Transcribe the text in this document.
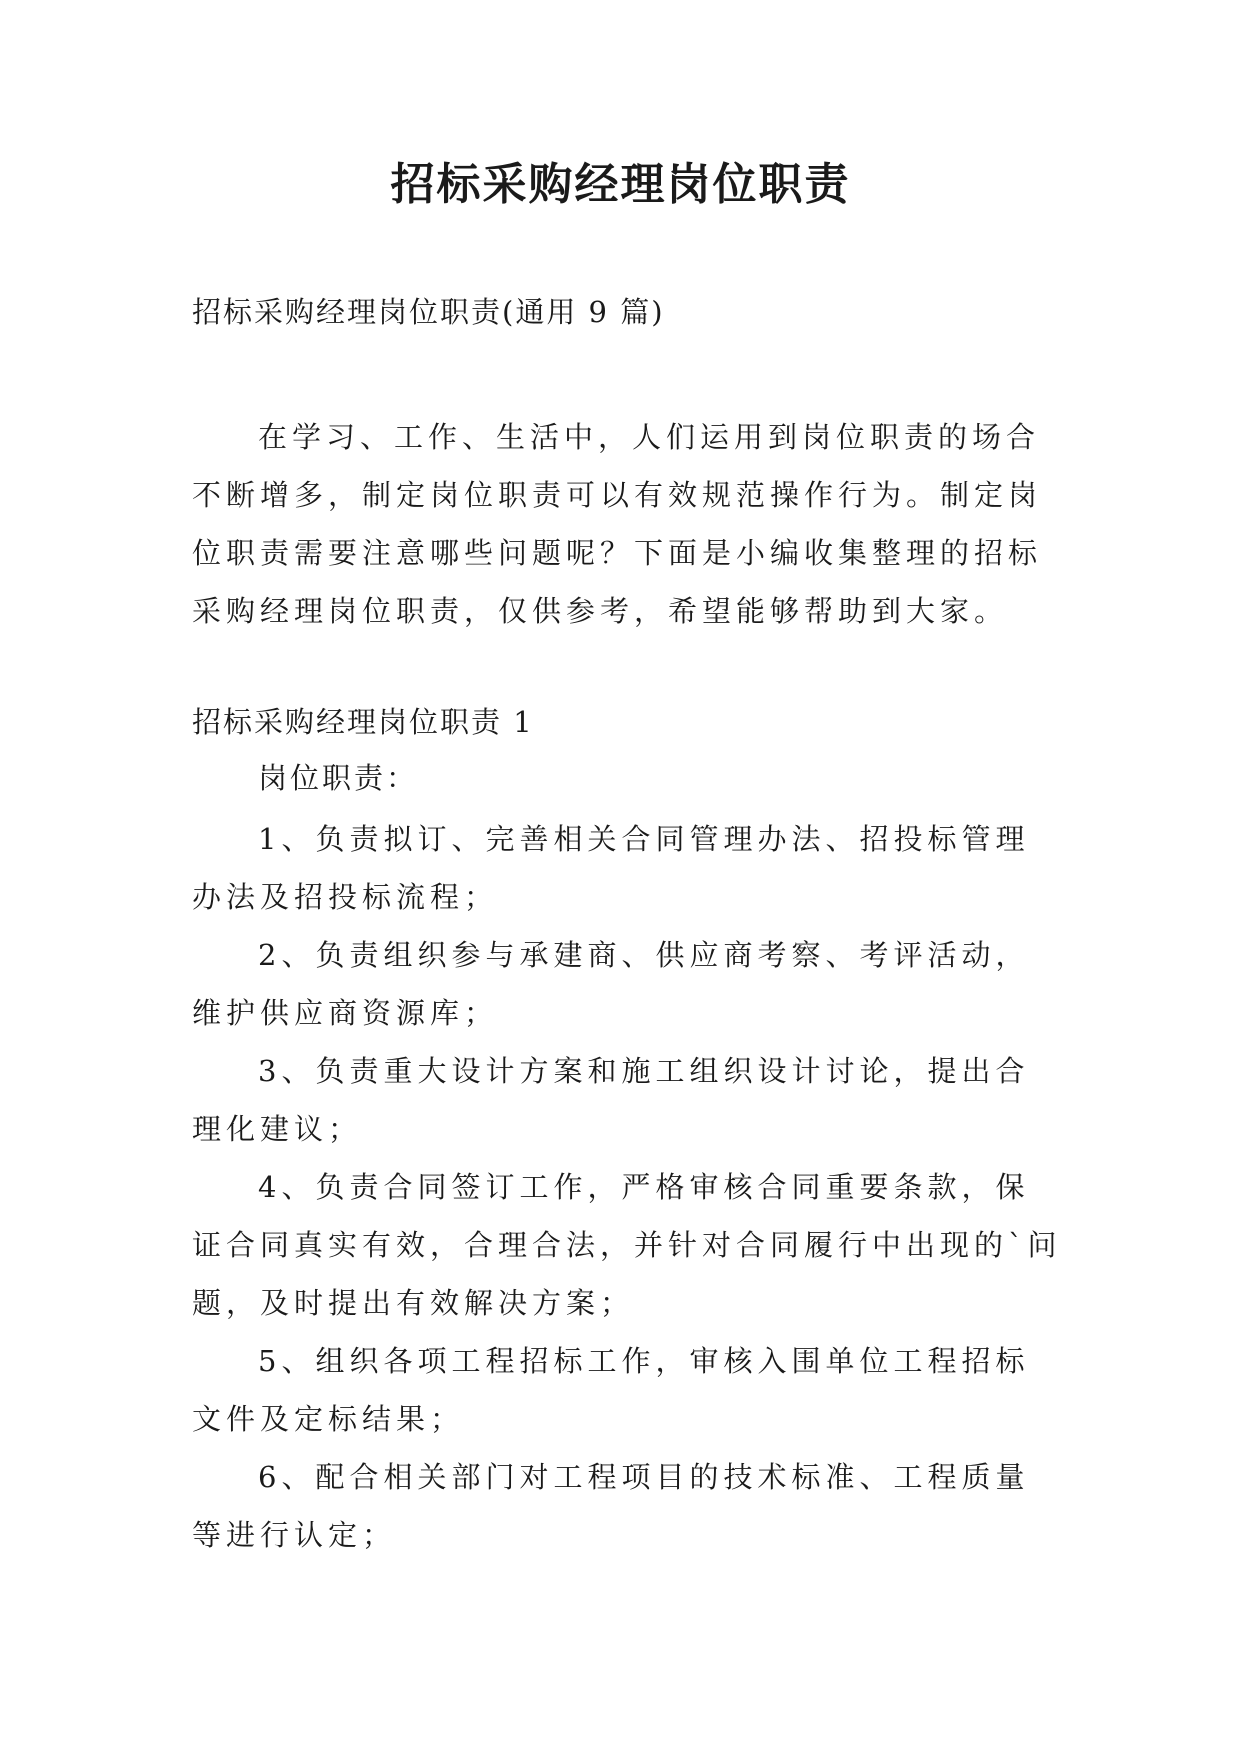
招标采购经理岗位职责

招标采购经理岗位职责(通用 9 篇)

在学习、工作、生活中，人们运用到岗位职责的场合不断增多，制定岗位职责可以有效规范操作行为。制定岗位职责需要注意哪些问题呢？下面是小编收集整理的招标采购经理岗位职责，仅供参考，希望能够帮助到大家。

招标采购经理岗位职责 1

岗位职责：

1、负责拟订、完善相关合同管理办法、招投标管理办法及招投标流程；

2、负责组织参与承建商、供应商考察、考评活动，维护供应商资源库；

3、负责重大设计方案和施工组织设计讨论，提出合理化建议；

4、负责合同签订工作，严格审核合同重要条款，保证合同真实有效，合理合法，并针对合同履行中出现的`问题，及时提出有效解决方案；

5、组织各项工程招标工作，审核入围单位工程招标文件及定标结果；

6、配合相关部门对工程项目的技术标准、工程质量等进行认定；
